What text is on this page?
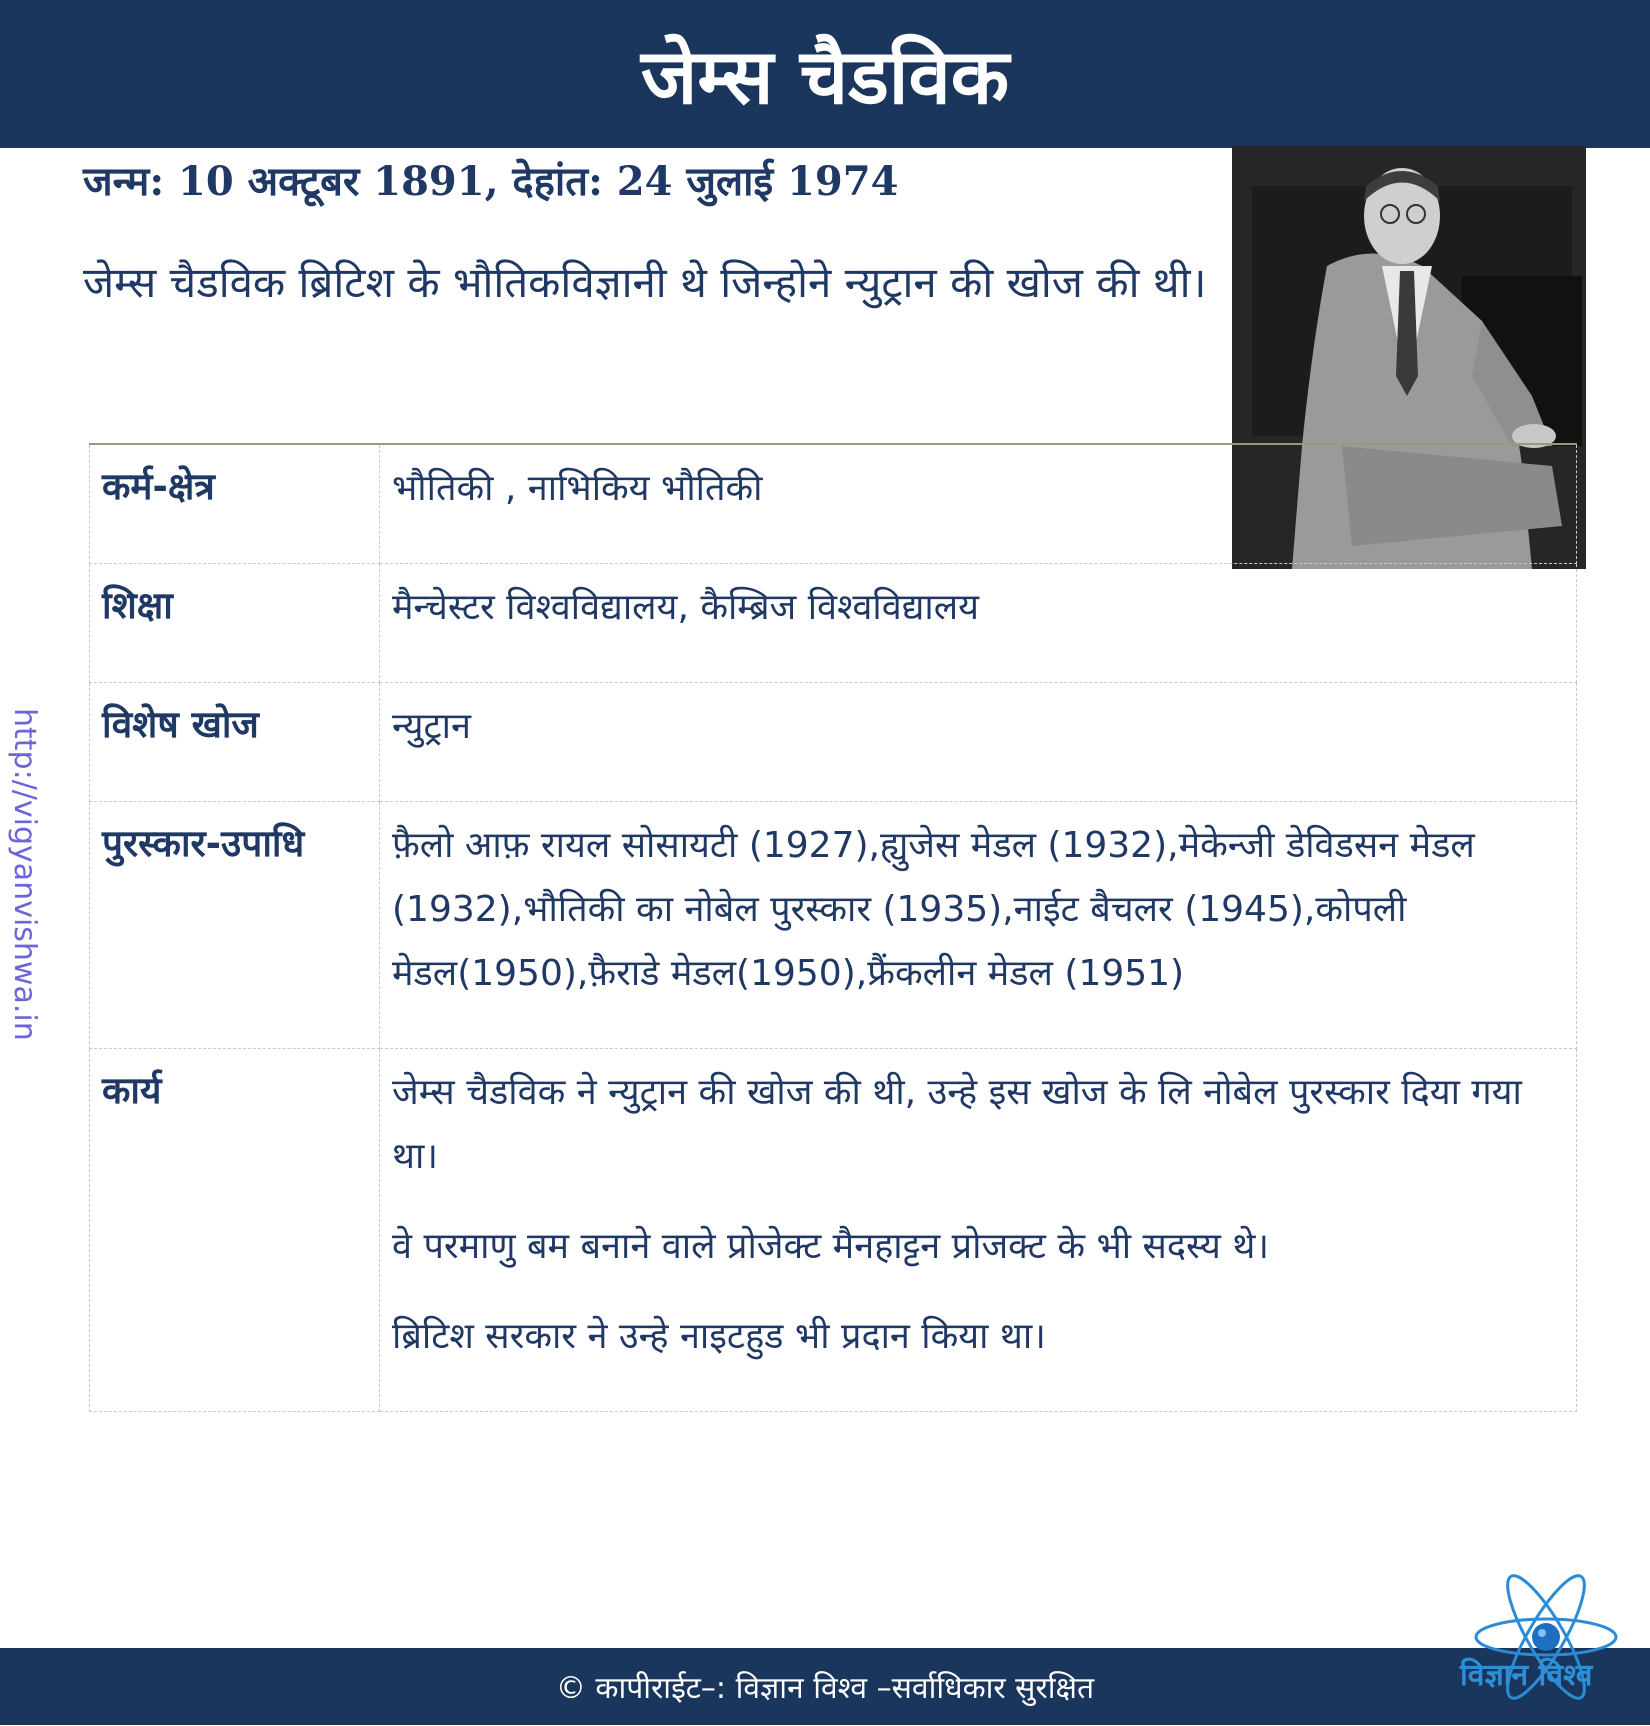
जेम्स चैडविक
जन्म: 10 अक्टूबर 1891, देहांत: 24 जुलाई 1974
जेम्स चैडविक ब्रिटिश के भौतिकविज्ञानी थे जिन्होने न्युट्रान की खोज की थी।
कर्म-क्षेत्र	भौतिकी , नाभिकिय भौतिकी

शिक्षा	मैन्चेस्टर विश्वविद्यालय, कैम्ब्रिज विश्वविद्यालय

विशेष खोज	न्युट्रान

पुरस्कार-उपाधि	फ़ैलो आफ़ रायल सोसायटी (1927),ह्युजेस मेडल (1932),मेकेन्जी डेविडसन मेडल (1932),भौतिकी का नोबेल पुरस्कार (1935),नाईट बैचलर (1945),कोपली मेडल(1950),फ़ैराडे मेडल(1950),फ्रैंकलीन मेडल (1951)

कार्य	जेम्स चैडविक ने न्युट्रान की खोज की थी, उन्हे इस खोज के लि नोबेल पुरस्कार दिया गया था।

वे परमाणु बम बनाने वाले प्रोजेक्ट मैनहाट्टन प्रोजक्ट के भी सदस्य थे।

ब्रिटिश सरकार ने उन्हे नाइटहुड भी प्रदान किया था।

http://vigyanvishwa.in
© कापीराईट–: विज्ञान विश्व –सर्वाधिकार सुरक्षित	विज्ञान विश्व
